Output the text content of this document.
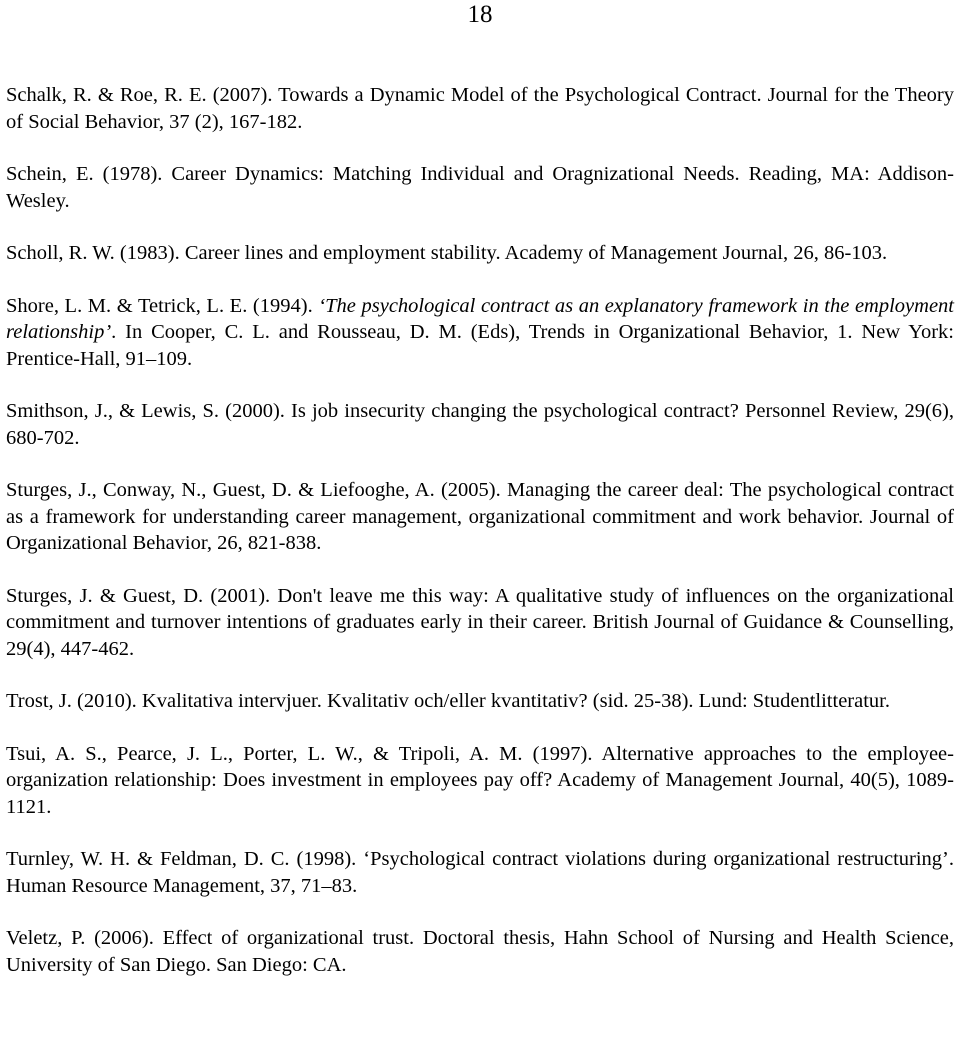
18

Schalk, R. & Roe, R. E. (2007). Towards a Dynamic Model of the Psychological Contract. Journal for the Theory of Social Behavior, 37 (2), 167-182.

Schein, E. (1978). Career Dynamics: Matching Individual and Oragnizational Needs. Reading, MA: Addison-Wesley.

Scholl, R. W. (1983). Career lines and employment stability. Academy of Management Journal, 26, 86-103.

Shore, L. M. & Tetrick, L. E. (1994). ‘The psychological contract as an explanatory framework in the employment relationship’. In Cooper, C. L. and Rousseau, D. M. (Eds), Trends in Organizational Behavior, 1. New York: Prentice-Hall, 91–109.

Smithson, J., & Lewis, S. (2000). Is job insecurity changing the psychological contract? Personnel Review, 29(6), 680-702.

Sturges, J., Conway, N., Guest, D. & Liefooghe, A. (2005). Managing the career deal: The psychological contract as a framework for understanding career management, organizational commitment and work behavior. Journal of Organizational Behavior, 26, 821-838.

Sturges, J. & Guest, D. (2001). Don't leave me this way: A qualitative study of influences on the organizational commitment and turnover intentions of graduates early in their career. British Journal of Guidance & Counselling, 29(4), 447-462.

Trost, J. (2010). Kvalitativa intervjuer. Kvalitativ och/eller kvantitativ? (sid. 25-38). Lund: Studentlitteratur.

Tsui, A. S., Pearce, J. L., Porter, L. W., & Tripoli, A. M. (1997). Alternative approaches to the employee-organization relationship: Does investment in employees pay off? Academy of Management Journal, 40(5), 1089-1121.

Turnley, W. H. & Feldman, D. C. (1998). ‘Psychological contract violations during organizational restructuring’. Human Resource Management, 37, 71–83.

Veletz, P. (2006). Effect of organizational trust. Doctoral thesis, Hahn School of Nursing and Health Science, University of San Diego. San Diego: CA.
